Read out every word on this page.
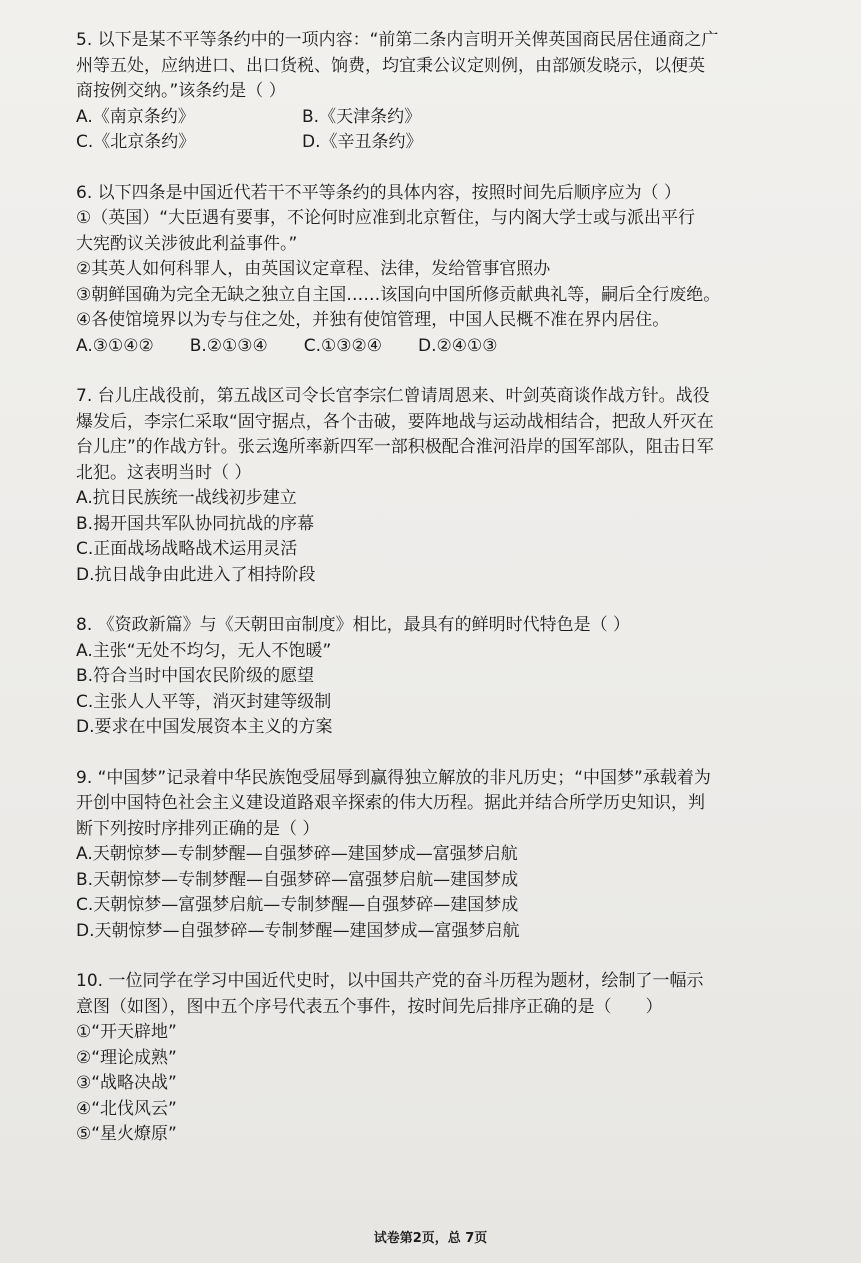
5. 以下是某不平等条约中的一项内容：“前第二条内言明开关俾英国商民居住通商之广
州等五处，应纳进口、出口货税、饷费，均宜秉公议定则例，由部颁发晓示，以便英
商按例交纳。”该条约是（ ）
A.《南京条约》	B.《天津条约》
C.《北京条约》	D.《辛丑条约》
6. 以下四条是中国近代若干不平等条约的具体内容，按照时间先后顺序应为（ ）
①（英国）“大臣遇有要事，不论何时应准到北京暂住，与内阁大学士或与派出平行
大宪酌议关涉彼此利益事件。”
②其英人如何科罪人，由英国议定章程、法律，发给管事官照办
③朝鲜国确为完全无缺之独立自主国……该国向中国所修贡献典礼等，嗣后全行废绝。
④各使馆境界以为专与住之处，并独有使馆管理，中国人民概不准在界内居住。
A.③①④② B.②①③④ C.①③②④ D.②④①③
7. 台儿庄战役前，第五战区司令长官李宗仁曾请周恩来、叶剑英商谈作战方针。战役
爆发后，李宗仁采取“固守据点，各个击破，要阵地战与运动战相结合，把敌人歼灭在
台儿庄”的作战方针。张云逸所率新四军一部积极配合淮河沿岸的国军部队，阻击日军
北犯。这表明当时（ ）
A.抗日民族统一战线初步建立
B.揭开国共军队协同抗战的序幕
C.正面战场战略战术运用灵活
D.抗日战争由此进入了相持阶段
8. 《资政新篇》与《天朝田亩制度》相比，最具有的鲜明时代特色是（ ）
A.主张“无处不均匀，无人不饱暖”
B.符合当时中国农民阶级的愿望
C.主张人人平等，消灭封建等级制
D.要求在中国发展资本主义的方案
9. “中国梦”记录着中华民族饱受屈辱到赢得独立解放的非凡历史；“中国梦”承载着为
开创中国特色社会主义建设道路艰辛探索的伟大历程。据此并结合所学历史知识，判
断下列按时序排列正确的是（ ）
A.天朝惊梦—专制梦醒—自强梦碎—建国梦成—富强梦启航
B.天朝惊梦—专制梦醒—自强梦碎—富强梦启航—建国梦成
C.天朝惊梦—富强梦启航—专制梦醒—自强梦碎—建国梦成
D.天朝惊梦—自强梦碎—专制梦醒—建国梦成—富强梦启航
10. 一位同学在学习中国近代史时，以中国共产党的奋斗历程为题材，绘制了一幅示
意图（如图），图中五个序号代表五个事件，按时间先后排序正确的是（　　）
①“开天辟地”
②“理论成熟”
③“战略决战”
④“北伐风云”
⑤“星火燎原”
试卷第2页，总 7页
